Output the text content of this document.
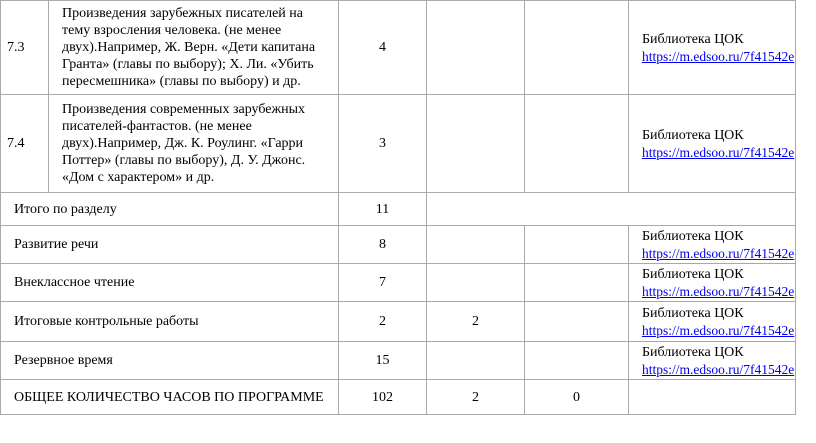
7.3	Произведения зарубежных писателей на тему взросления человека. (не менее двух).Например, Ж. Верн. «Дети капитана Гранта» (главы по выбору); Х. Ли. «Убить пересмешника» (главы по выбору) и др.	4			Библиотека ЦОК
https://m.edsoo.ru/7f41542e

7.4	Произведения современных зарубежных писателей-фантастов. (не менее двух).Например, Дж. К. Роулинг. «Гарри Поттер» (главы по выбору), Д. У. Джонс. «Дом с характером» и др.	3			Библиотека ЦОК
https://m.edsoo.ru/7f41542e

Итого по разделу		11			
Развитие речи		8			Библиотека ЦОК
https://m.edsoo.ru/7f41542e

Внеклассное чтение		7			Библиотека ЦОК
https://m.edsoo.ru/7f41542e

Итоговые контрольные работы		2	2		Библиотека ЦОК
https://m.edsoo.ru/7f41542e

Резервное время		15			Библиотека ЦОК
https://m.edsoo.ru/7f41542e

ОБЩЕЕ КОЛИЧЕСТВО ЧАСОВ ПО ПРОГРАММЕ		102	2	0	
